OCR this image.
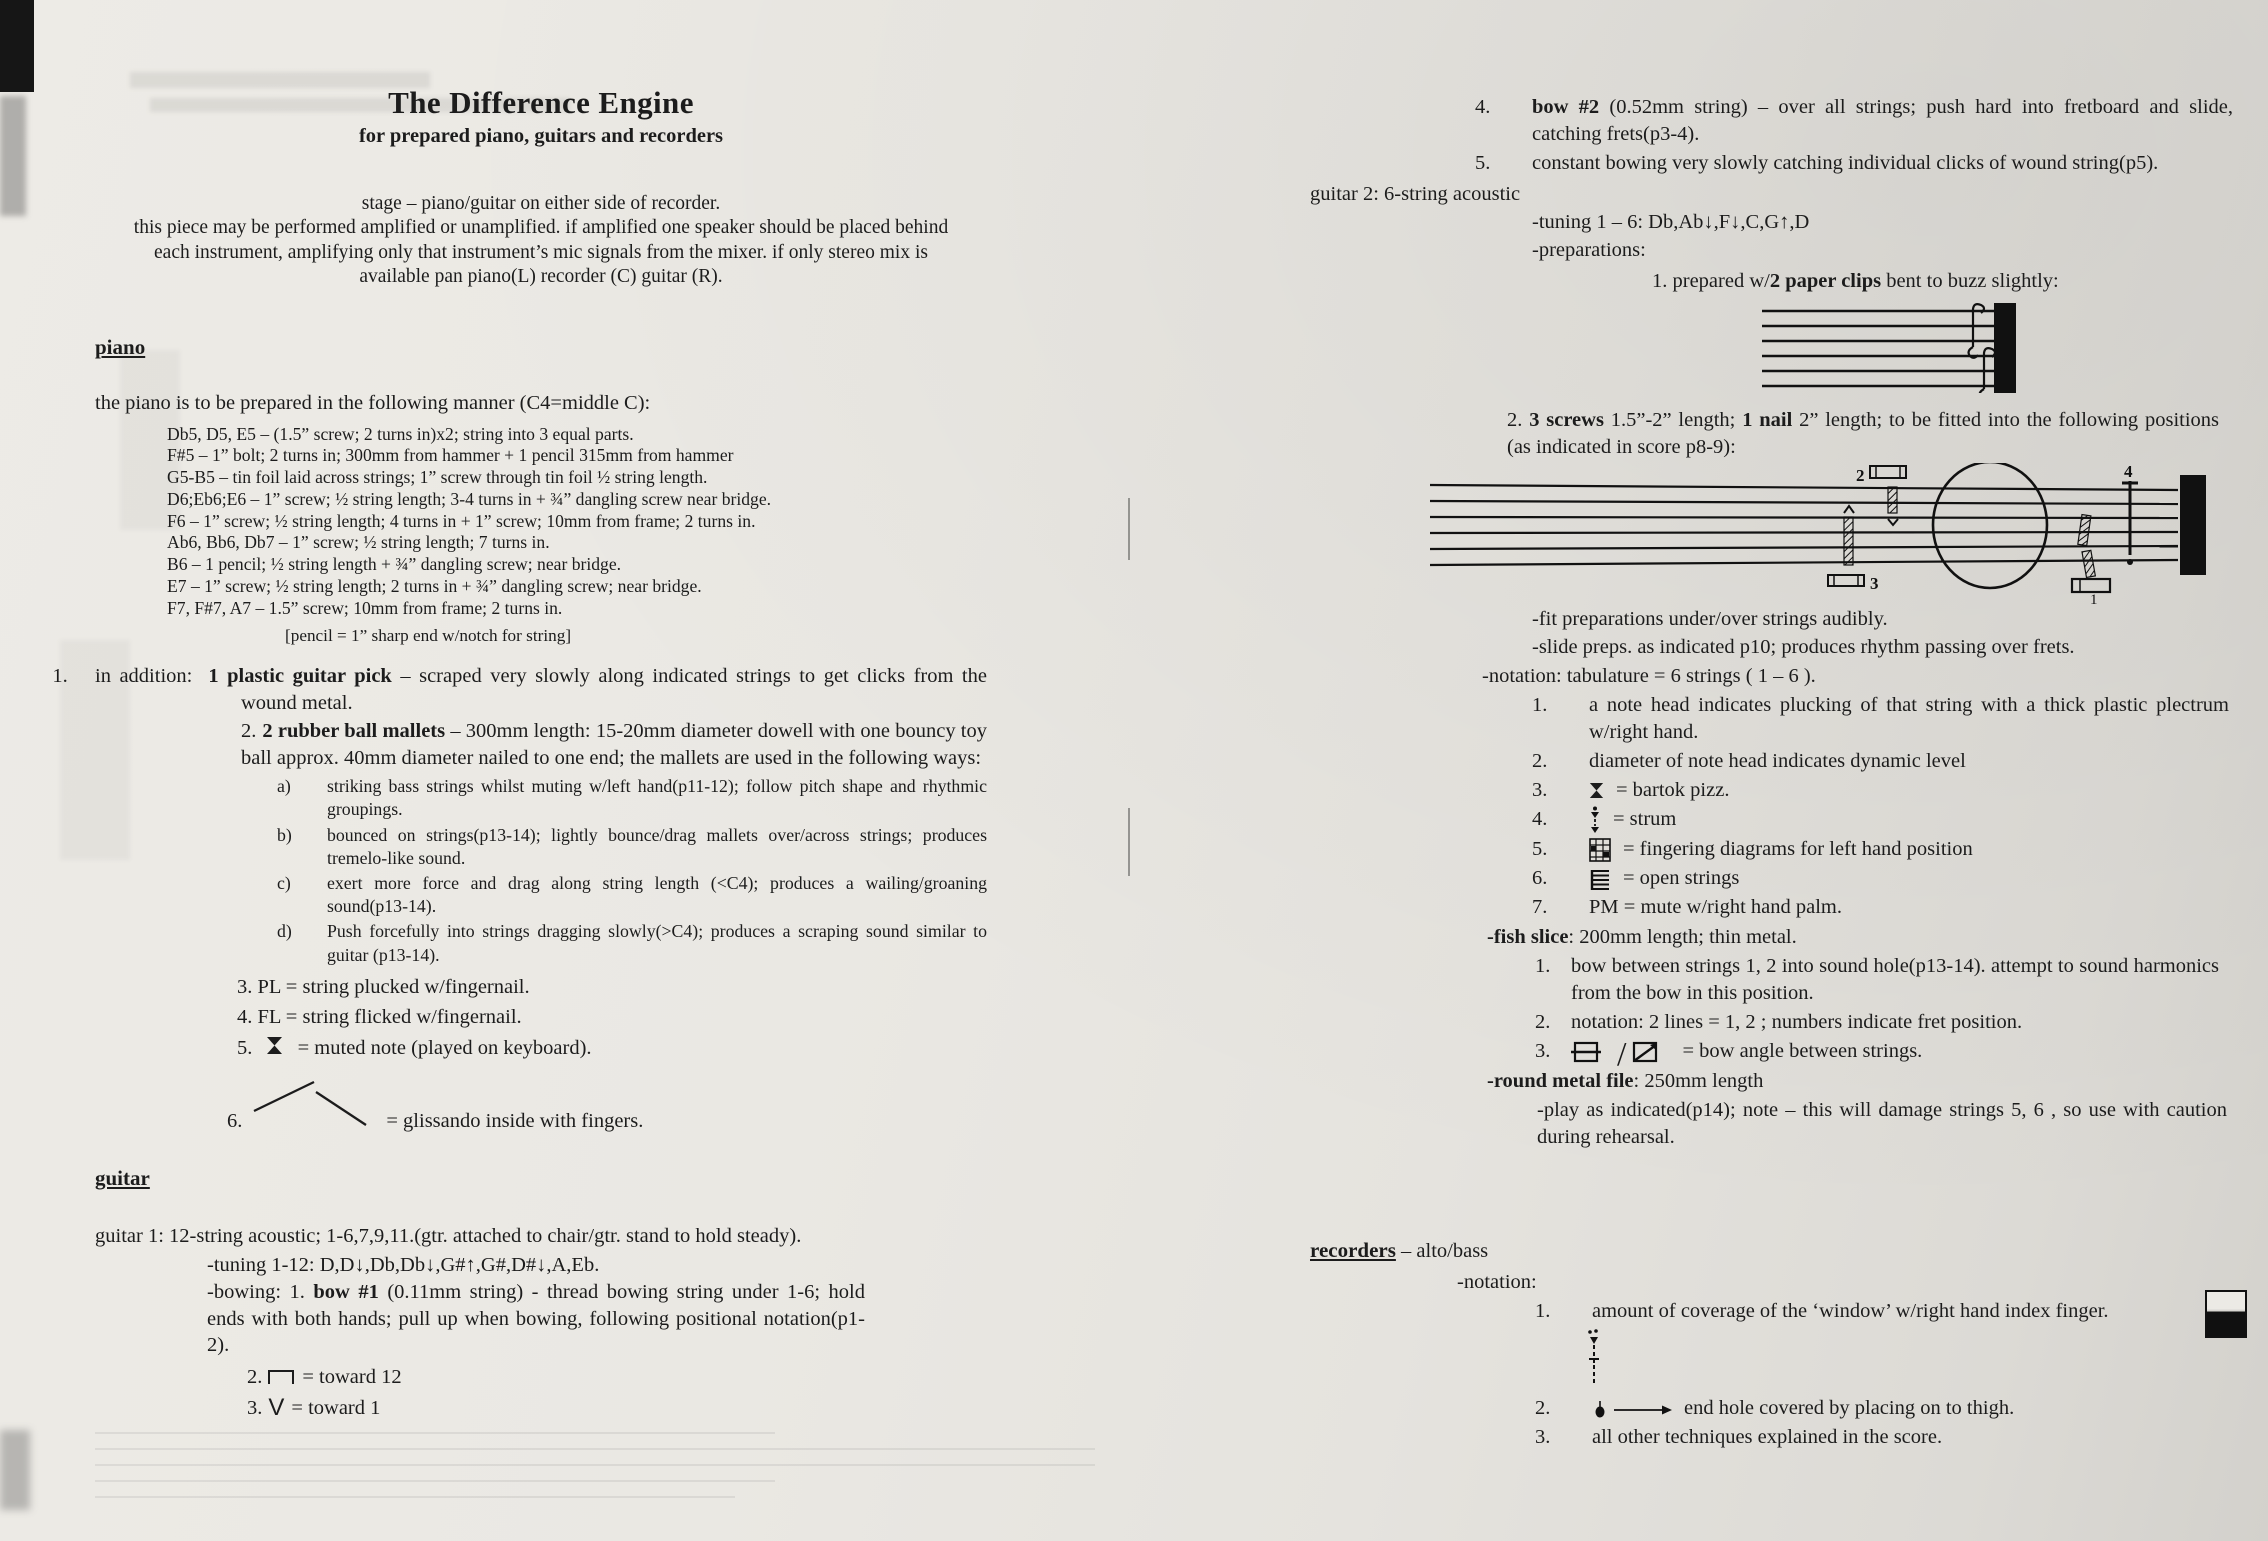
The Difference Engine
for prepared piano, guitars and recorders
stage – piano/guitar on either side of recorder.
this piece may be performed amplified or unamplified. if amplified one speaker should be placed behind
each instrument, amplifying only that instrument’s mic signals from the mixer. if only stereo mix is
available pan piano(L) recorder (C) guitar (R).
piano
the piano is to be prepared in the following manner (C4=middle C):
Db5, D5, E5 – (1.5” screw; 2 turns in)x2; string into 3 equal parts.
F#5 – 1” bolt; 2 turns in; 300mm from hammer + 1 pencil 315mm from hammer
G5-B5 – tin foil laid across strings; 1” screw through tin foil ½ string length.
D6;Eb6;E6 – 1” screw; ½ string length; 3-4 turns in + ¾” dangling screw near bridge.
F6 – 1” screw; ½ string length; 4 turns in + 1” screw; 10mm from frame; 2 turns in.
Ab6, Bb6, Db7 – 1” screw; ½ string length; 7 turns in.
B6 – 1 pencil; ½ string length + ¾” dangling screw; near bridge.
E7 – 1” screw; ½ string length; 2 turns in + ¾” dangling screw; near bridge.
F7, F#7, A7 – 1.5” screw; 10mm from frame; 2 turns in.
[pencil = 1” sharp end w/notch for string]
in addition:1.	1 plastic guitar pick – scraped very slowly along indicated strings to get clicks from the wound metal.
2. 2 rubber ball mallets – 300mm length: 15-20mm diameter dowell with one bouncy toy ball approx. 40mm diameter nailed to one end; the mallets are used in the following ways:
a)	striking bass strings whilst muting w/left hand(p11-12); follow pitch shape and rhythmic groupings.
b)	bounced on strings(p13-14); lightly bounce/drag mallets over/across strings; produces tremelo-like sound.
c)	exert more force and drag along string length (<C4); produces a wailing/groaning sound(p13-14).
d)	Push forcefully into strings dragging slowly(>C4); produces a scraping sound similar to guitar (p13-14).
3. PL = string plucked w/fingernail.
4. FL = string flicked w/fingernail.
5. = muted note (played on keyboard).
6.	= glissando inside with fingers.
guitar
guitar 1: 12-string acoustic; 1-6,7,9,11.(gtr. attached to chair/gtr. stand to hold steady).
-tuning 1-12: D,D↓,Db,Db↓,G#↑,G#,D#↓,A,Eb.
-bowing: 1. bow #1 (0.11mm string) - thread bowing string under 1-6; hold ends with both hands; pull up when bowing, following positional notation(p1-2).
2. = toward 12
3. V = toward 1
4.	bow #2 (0.52mm string) – over all strings; push hard into fretboard and slide, catching frets(p3-4).
5.	constant bowing very slowly catching individual clicks of wound string(p5).
guitar 2: 6-string acoustic
-tuning 1 – 6: Db,Ab↓,F↓,C,G↑,D
-preparations:
1. prepared w/2 paper clips bent to buzz slightly:
2. 3 screws 1.5”-2” length; 1 nail 2” length; to be fitted into the following positions (as indicated in score p8-9):
2
3
4
1
-fit preparations under/over strings audibly.
-slide preps. as indicated p10; produces rhythm passing over frets.
-notation: tabulature = 6 strings ( 1 – 6 ).
1.	a note head indicates plucking of that string with a thick plastic plectrum w/right hand.
2.	diameter of note head indicates dynamic level
3.	= bartok pizz.
4.	= strum
5.	= fingering diagrams for left hand position
6.	= open strings
7.	PM = mute w/right hand palm.
-fish slice: 200mm length; thin metal.
1.	bow between strings 1, 2 into sound hole(p13-14). attempt to sound harmonics from the bow in this position.
2.	notation: 2 lines = 1, 2 ; numbers indicate fret position.
3.	/	= bow angle between strings.
-round metal file: 250mm length
-play as indicated(p14); note – this will damage strings 5, 6 , so use with caution during rehearsal.
recorders – alto/bass
-notation:
1.	amount of coverage of the ‘window’ w/right hand index finger.
2.	end hole covered by placing on to thigh.
3.	all other techniques explained in the score.
